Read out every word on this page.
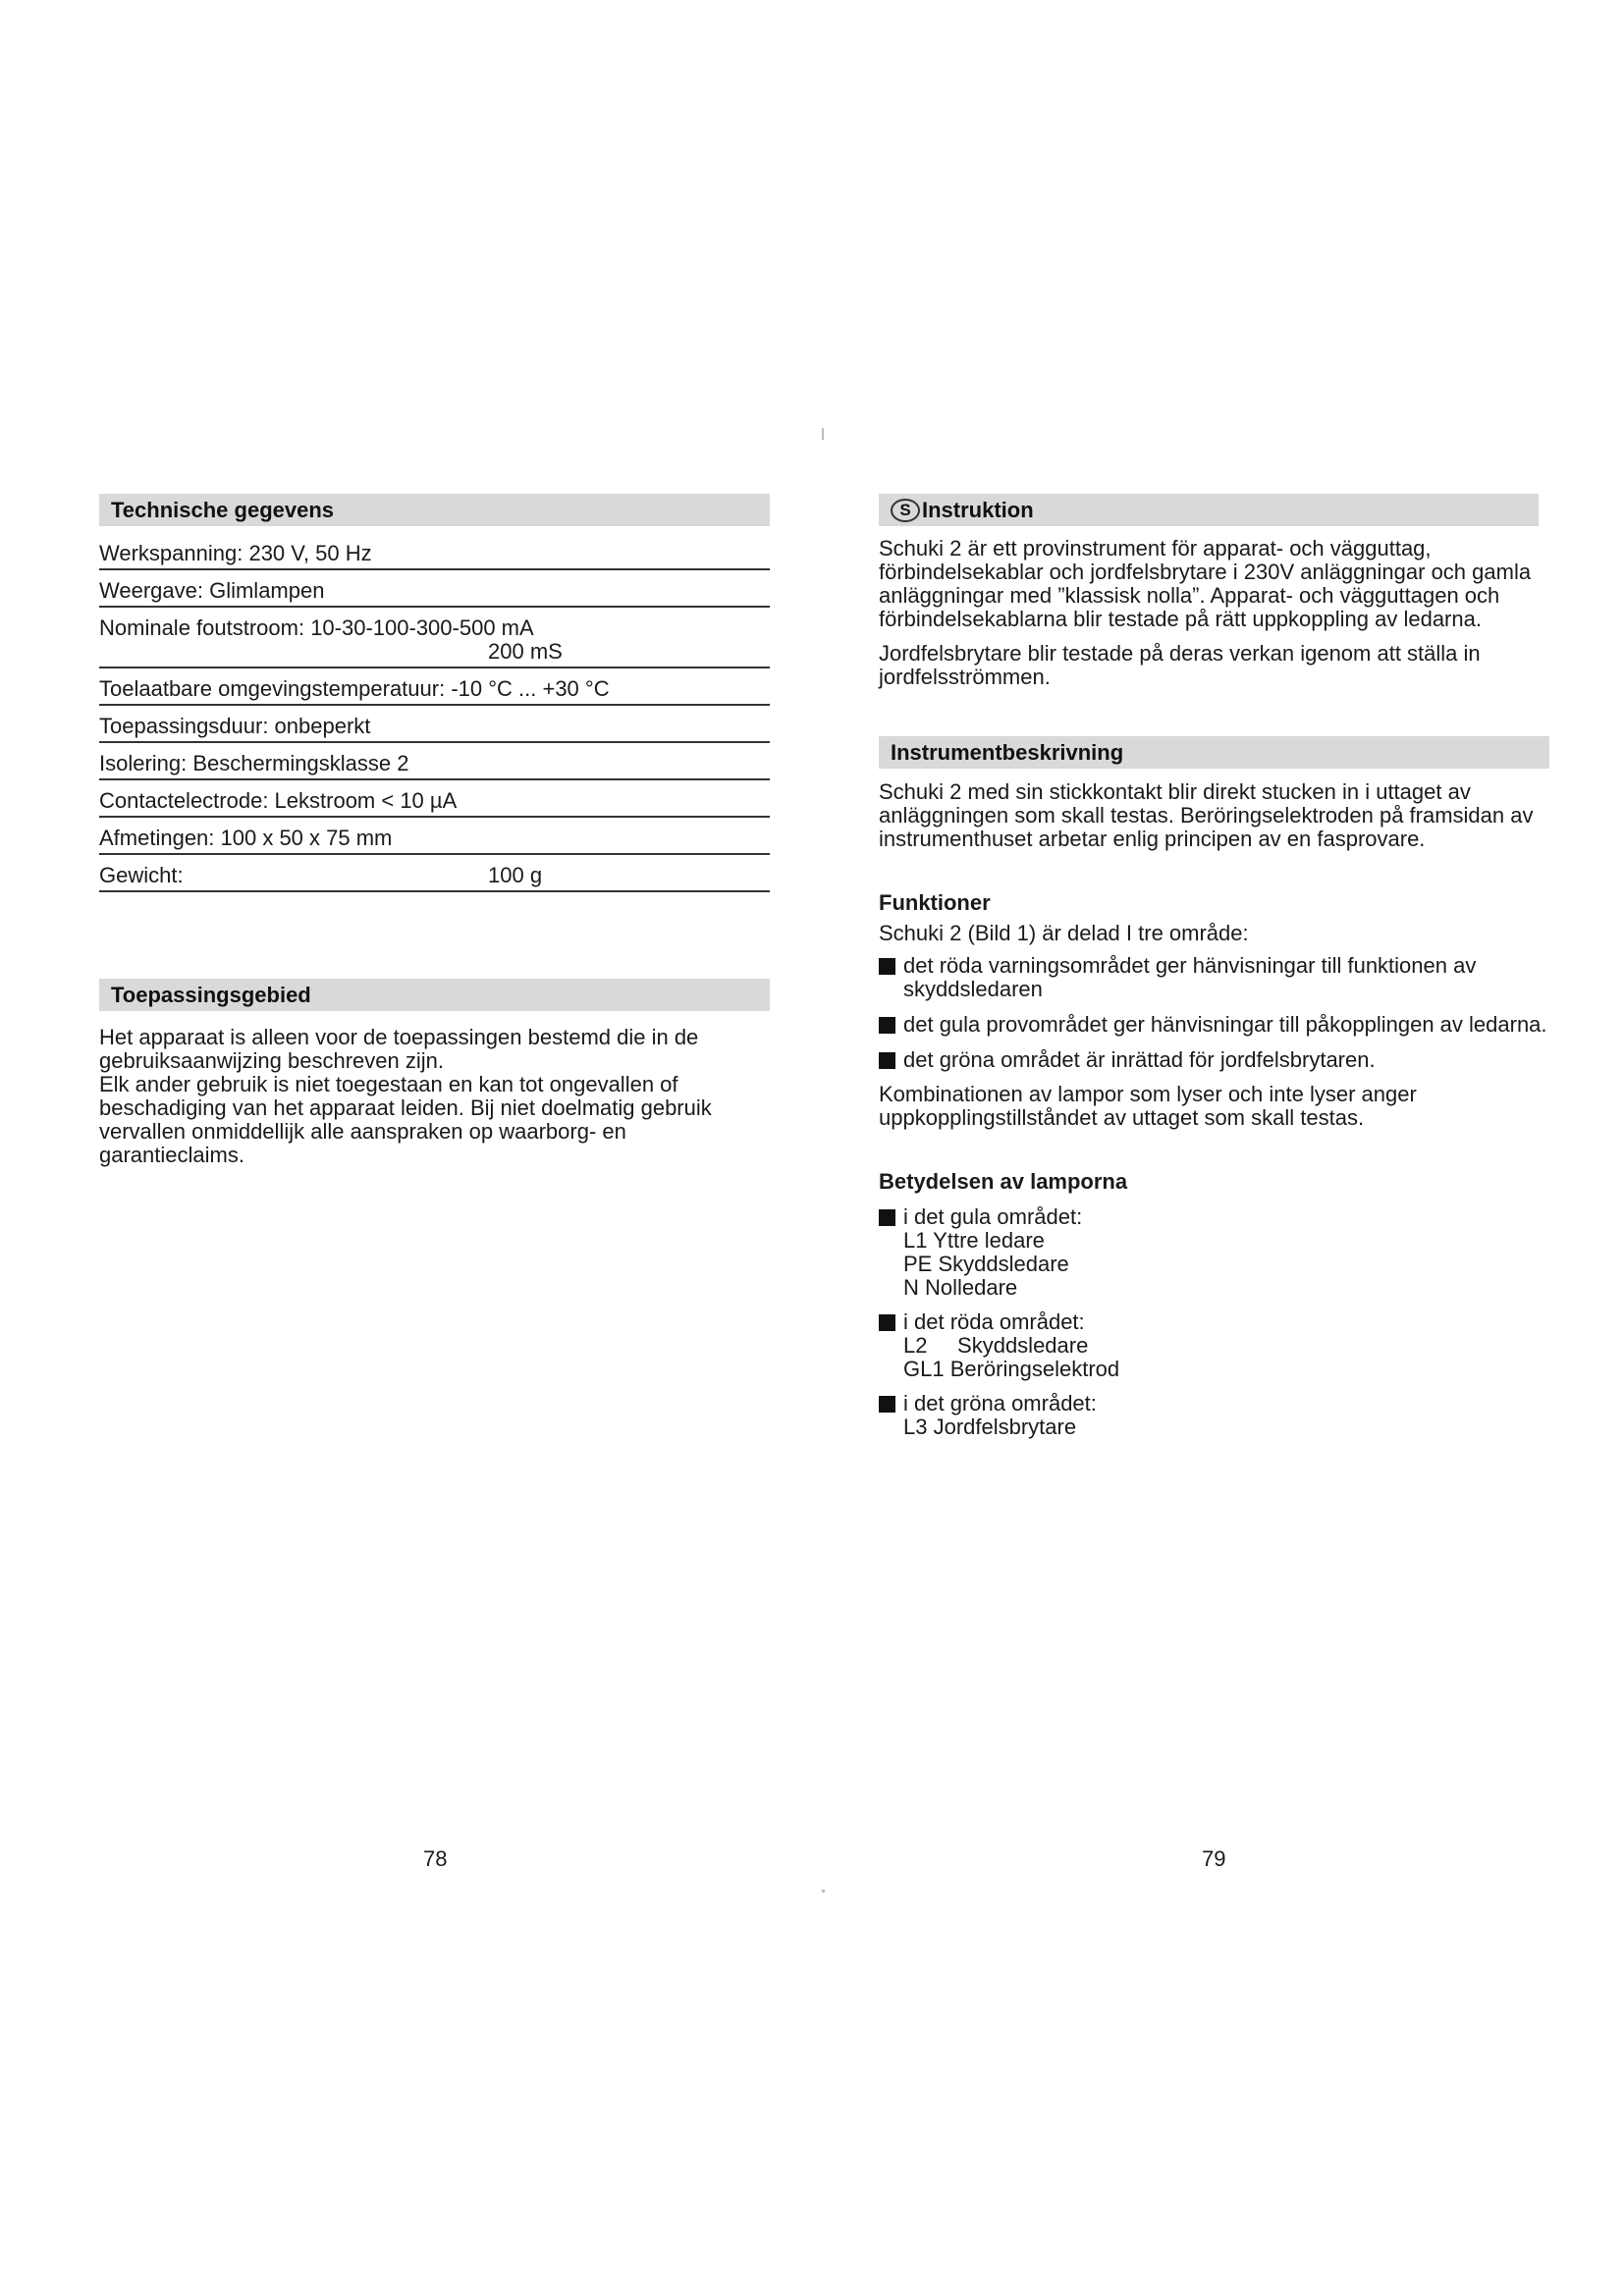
Technische gegevens
Werkspanning: 230 V, 50 Hz
Weergave: Glimlampen
Nominale foutstroom: 10-30-100-300-500 mA
200 mS
Toelaatbare omgevingstemperatuur: -10 °C ... +30 °C
Toepassingsduur: onbeperkt
Isolering: Beschermingsklasse 2
Contactelectrode: Lekstroom < 10 µA
Afmetingen: 100 x 50 x 75 mm
Gewicht:	100 g
Toepassingsgebied

Het apparaat is alleen voor de toepassingen bestemd die in de gebruiksaanwijzing beschreven zijn.

Elk ander gebruik is niet toegestaan en kan tot ongevallen of beschadiging van het apparaat leiden. Bij niet doelmatig gebruik vervallen onmiddellijk alle aanspraken op waarborg- en garantieclaims.

S Instruktion

Schuki 2 är ett provinstrument för apparat- och vägguttag, förbindelsekablar och jordfelsbrytare i 230V anläggningar och gamla anläggningar med ”klassisk nolla”. Apparat- och vägguttagen och förbindelsekablarna blir testade på rätt uppkoppling av ledarna.

Jordfelsbrytare blir testade på deras verkan igenom att ställa in jordfelsströmmen.

Instrumentbeskrivning

Schuki 2 med sin stickkontakt blir direkt stucken in i uttaget av anläggningen som skall testas. Beröringselektroden på framsidan av instrumenthuset arbetar enlig principen av en fasprovare.

Funktioner

Schuki 2 (Bild 1) är delad I tre område:

det röda varningsområdet ger hänvisningar till funktionen av skyddsledaren
det gula provområdet ger hänvisningar till påkopplingen av ledarna.
det gröna området är inrättad för jordfelsbrytaren.

Kombinationen av lampor som lyser och inte lyser anger uppkopplingstillståndet av uttaget som skall testas.

Betydelsen av lamporna
i det gula området:
L1 Yttre ledare
PE Skyddsledare
N Nolledare
i det röda området:
L2     Skyddsledare
GL1 Beröringselektrod
i det gröna området:
L3 Jordfelsbrytare
78	79
